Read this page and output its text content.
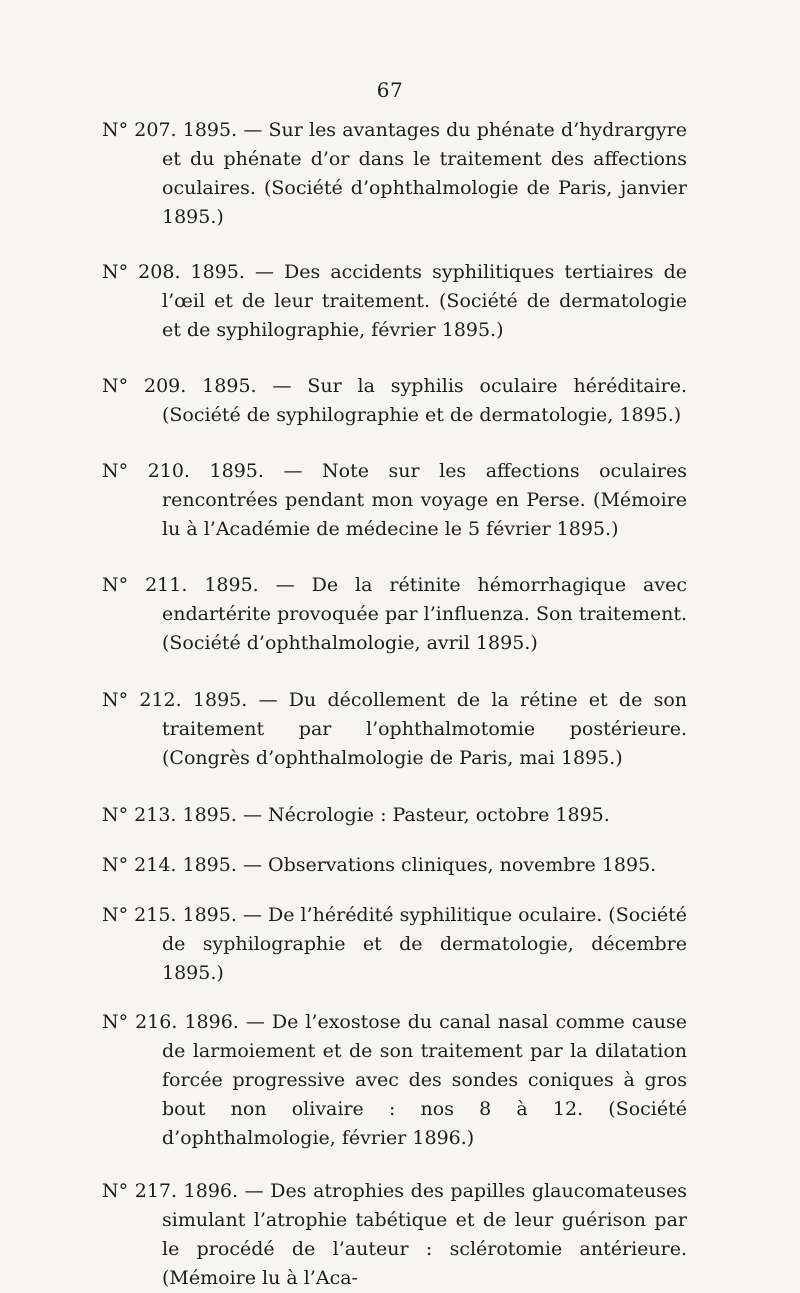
67

N° 207. 1895. — Sur les avantages du phénate d’hydrargyre et du phénate d’or dans le traitement des affections oculaires. (Société d’ophthalmologie de Paris, janvier 1895.)

N° 208. 1895. — Des accidents syphilitiques tertiaires de l’œil et de leur traitement. (Société de dermatologie et de syphilographie, février 1895.)

N° 209. 1895. — Sur la syphilis oculaire héréditaire. (Société de syphilographie et de dermatologie, 1895.)

N° 210. 1895. — Note sur les affections oculaires rencontrées pendant mon voyage en Perse. (Mémoire lu à l’Académie de médecine le 5 février 1895.)

N° 211. 1895. — De la rétinite hémorrhagique avec endartérite provoquée par l’influenza. Son traitement. (Société d’ophthalmologie, avril 1895.)

N° 212. 1895. — Du décollement de la rétine et de son traitement par l’ophthalmotomie postérieure. (Congrès d’ophthalmologie de Paris, mai 1895.)

N° 213. 1895. — Nécrologie : Pasteur, octobre 1895.

N° 214. 1895. — Observations cliniques, novembre 1895.

N° 215. 1895. — De l’hérédité syphilitique oculaire. (Société de syphilographie et de dermatologie, décembre 1895.)

N° 216. 1896. — De l’exostose du canal nasal comme cause de larmoiement et de son traitement par la dilatation forcée progressive avec des sondes coniques à gros bout non olivaire : nos 8 à 12. (Société d’ophthalmologie, février 1896.)

N° 217. 1896. — Des atrophies des papilles glaucomateuses simulant l’atrophie tabétique et de leur guérison par le procédé de l’auteur : sclérotomie antérieure. (Mémoire lu à l’Aca-
